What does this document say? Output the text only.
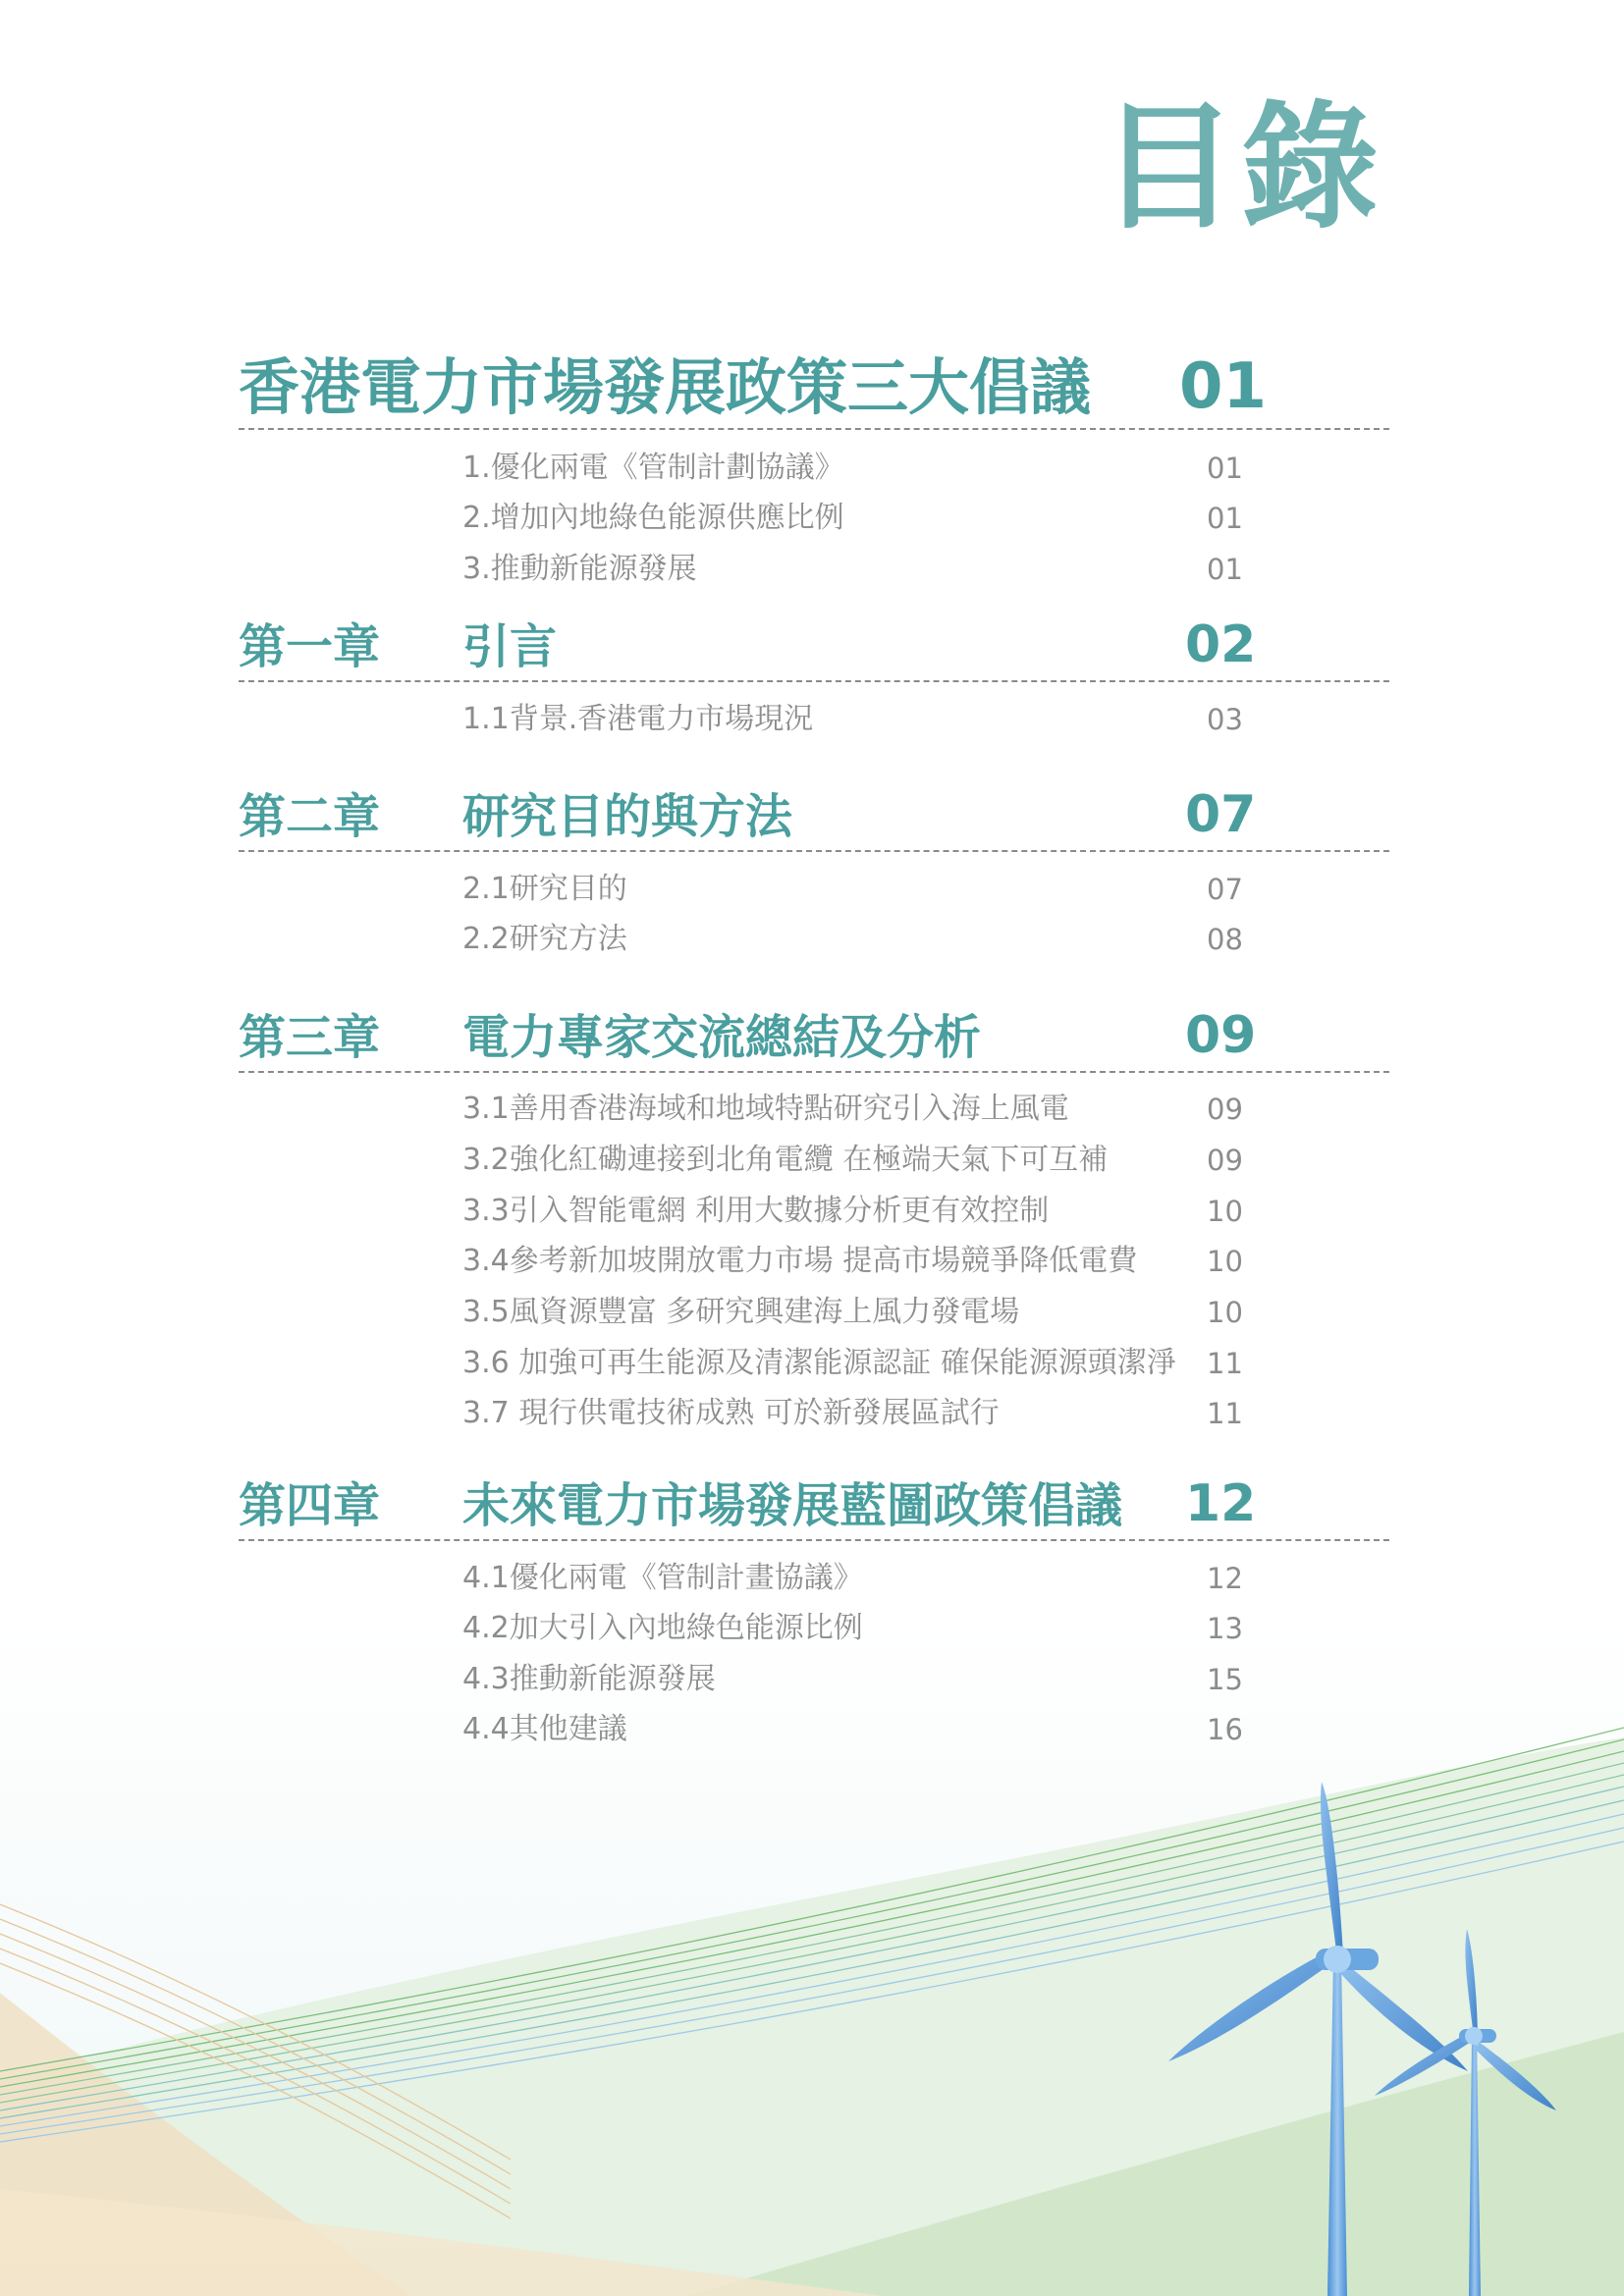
目錄
香港電力市場發展政策三大倡議 01
1.優化兩電《管制計劃協議》	01
2.增加內地綠色能源供應比例	01
3.推動新能源發展	01
第一章 引言	02
1.1背景.香港電力市場現況	03
第二章 研究目的與方法	07
2.1研究目的	07
2.2研究方法	08
第三章 電力專家交流總結及分析	09
3.1善用香港海域和地域特點研究引入海上風電	09
3.2強化紅磡連接到北角電纜 在極端天氣下可互補	09
3.3引入智能電網 利用大數據分析更有效控制	10
3.4參考新加坡開放電力市場 提高市場競爭降低電費 10
3.5風資源豐富 多研究興建海上風力發電場	10
3.6 加強可再生能源及清潔能源認証 確保能源源頭潔淨 11
3.7 現行供電技術成熟 可於新發展區試行	11
第四章 未來電力市場發展藍圖政策倡議 12
4.1優化兩電《管制計畫協議》	12
4.2加大引入內地綠色能源比例	13
4.3推動新能源發展	15
4.4其他建議	16
